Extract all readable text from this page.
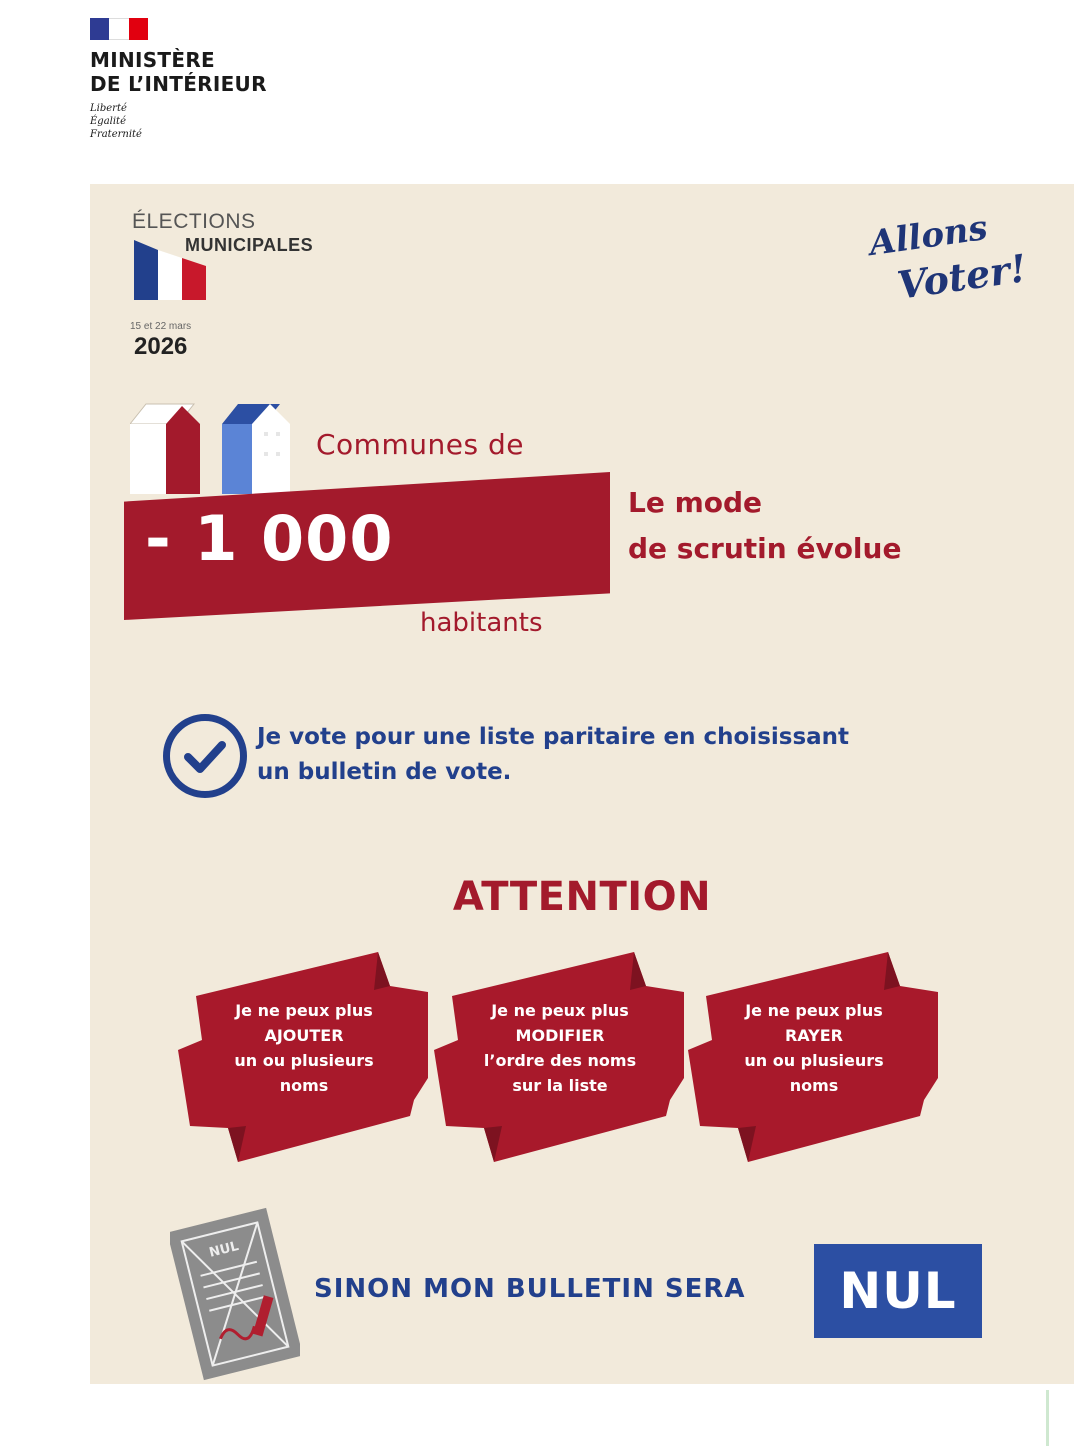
MINISTÈRE
DE L’INTÉRIEUR
Liberté
Égalité
Fraternité
ÉLECTIONS
MUNICIPALES
15 et 22 mars
2026
Allons
Voter!
Communes de
- 1 000
habitants
Le mode
de scrutin évolue
Je vote pour une liste paritaire en choisissant
un bulletin de vote.
ATTENTION
Je ne peux plus
AJOUTER
un ou plusieurs
noms
Je ne peux plus
MODIFIER
l’ordre des noms
sur la liste
Je ne peux plus
RAYER
un ou plusieurs
noms
NUL
SINON MON BULLETIN SERA	NUL
